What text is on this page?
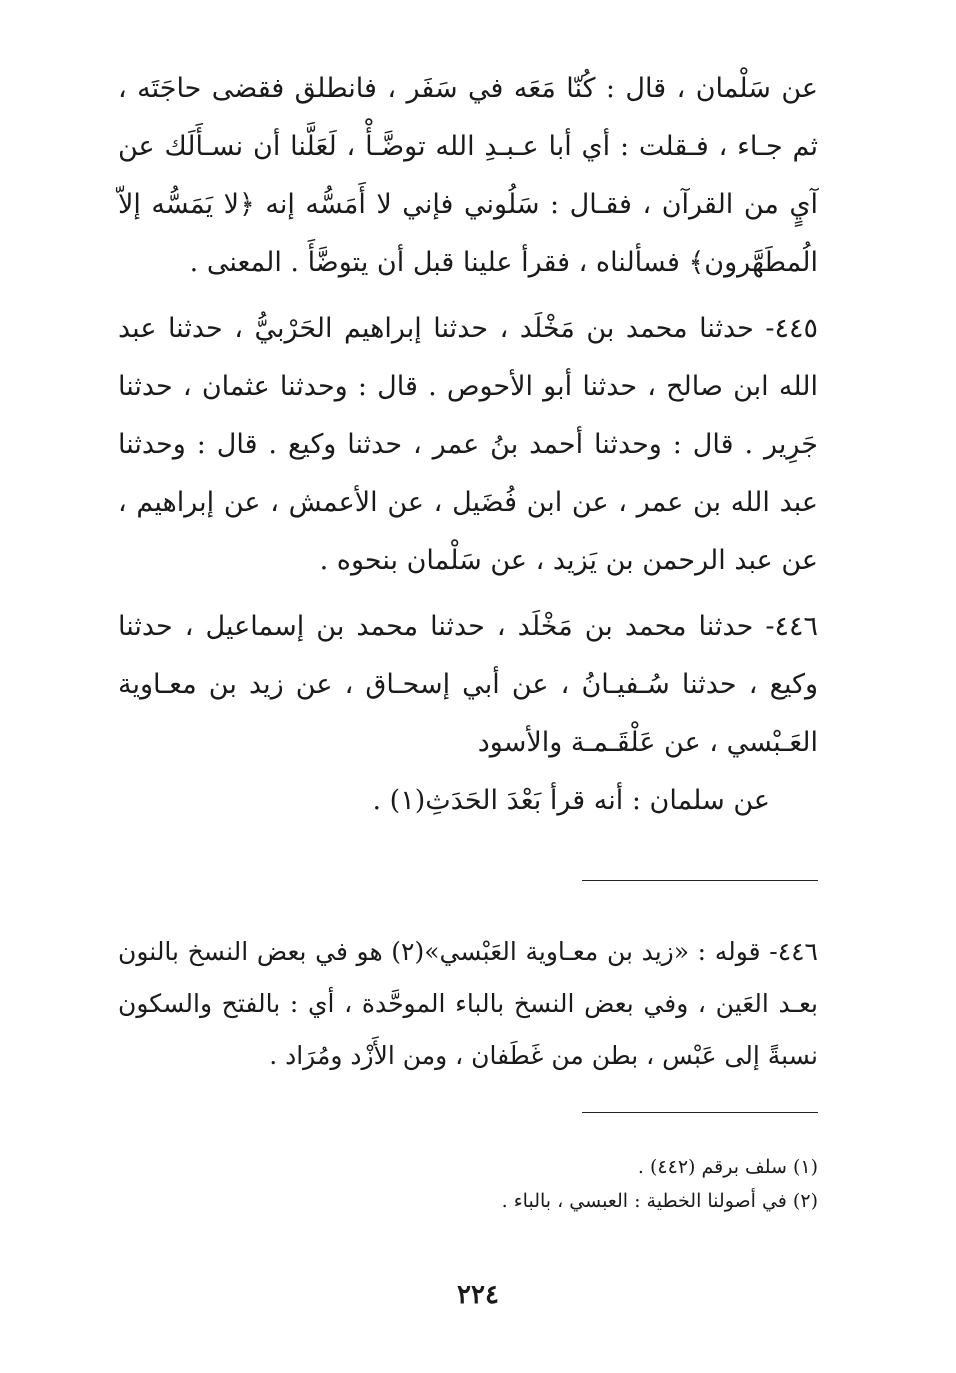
عن سَلْمان ، قال : كُنّا مَعَه في سَفَر ، فانطلق فقضى حاجَتَه ، ثم جـاء ، فـقلت : أي أبا عـبـدِ الله توضَّـأْ ، لَعَلَّنا أن نسـأَلَك عن آيٍ من القرآن ، فقـال : سَلُوني فإني لا أَمَسُّه إنه ﴿لا يَمَسُّه إلاّ الُمطَهَّرون﴾ فسألناه ، فقرأ علينا قبل أن يتوضَّأَ . المعنى .

٤٤٥- حدثنا محمد بن مَخْلَد ، حدثنا إبراهيم الحَرْبيُّ ، حدثنا عبد الله ابن صالح ، حدثنا أبو الأحوص . قال : وحدثنا عثمان ، حدثنا جَرِير . قال : وحدثنا أحمد بنُ عمر ، حدثنا وكيع . قال : وحدثنا عبد الله بن عمر ، عن ابن فُضَيل ، عن الأعمش ، عن إبراهيم ، عن عبد الرحمن بن يَزيد ، عن سَلْمان بنحوه .

٤٤٦- حدثنا محمد بن مَخْلَد ، حدثنا محمد بن إسماعيل ، حدثنا وكيع ، حدثنا سُـفيـانُ ، عن أبي إسحـاق ، عن زيد بن معـاوية العَـبْسي ، عن عَلْقَـمـة والأسود

عن سلمان : أنه قرأ بَعْدَ الحَدَثِ(١) .

٤٤٦- قوله : «زيد بن معـاوية العَبْسي»(٢) هو في بعض النسخ بالنون بعـد العَين ، وفي بعض النسخ بالباء الموحَّدة ، أي : بالفتح والسكون نسبةً إلى عَبْس ، بطن من غَطَفان ، ومن الأَزْد ومُرَاد .

(١) سلف برقم (٤٤٢) .

(٢) في أصولنا الخطية : العبسي ، بالباء .

٢٢٤
